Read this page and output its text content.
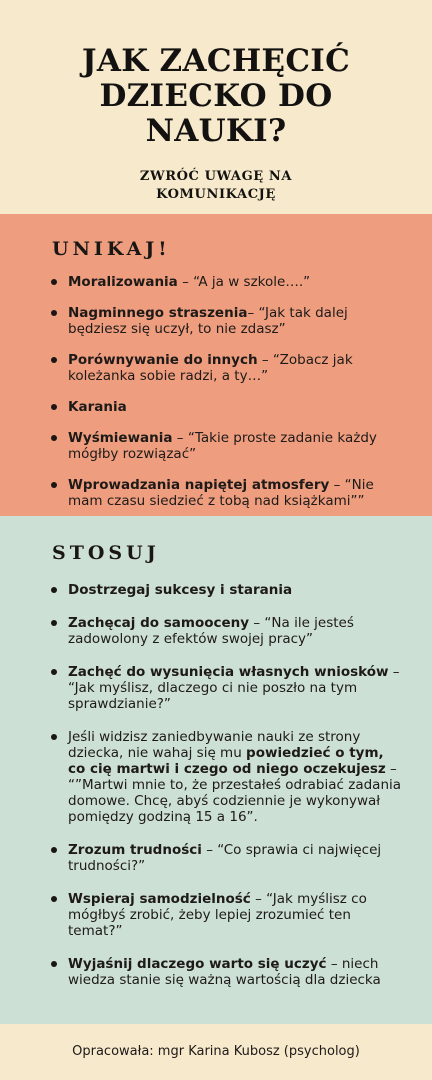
JAK ZACHĘCIĆ
DZIECKO DO
NAUKI?

ZWRÓĆ UWAGĘ NA
KOMUNIKACJĘ

UNIKAJ!
Moralizowania – “A ja w szkole….”
Nagminnego straszenia– “Jak tak dalej będziesz się uczył, to nie zdasz”
Porównywanie do innych – “Zobacz jak koleżanka sobie radzi, a ty…”
Karania
Wyśmiewania – “Takie proste zadanie każdy mógłby rozwiązać”
Wprowadzania napiętej atmosfery – “Nie mam czasu siedzieć z tobą nad książkami””
STOSUJ
Dostrzegaj sukcesy i starania
Zachęcaj do samooceny – “Na ile jesteś zadowolony z efektów swojej pracy”
Zachęć do wysunięcia własnych wniosków – “Jak myślisz, dlaczego ci nie poszło na tym sprawdzianie?”
Jeśli widzisz zaniedbywanie nauki ze strony dziecka, nie wahaj się mu powiedzieć o tym, co cię martwi i czego od niego oczekujesz – “”Martwi mnie to, że przestałeś odrabiać zadania domowe. Chcę, abyś codziennie je wykonywał pomiędzy godziną 15 a 16”.
Zrozum trudności – “Co sprawia ci najwięcej trudności?”
Wspieraj samodzielność – “Jak myślisz co mógłbyś zrobić, żeby lepiej zrozumieć ten temat?”
Wyjaśnij dlaczego warto się uczyć – niech wiedza stanie się ważną wartością dla dziecka

Opracowała: mgr Karina Kubosz (psycholog)
